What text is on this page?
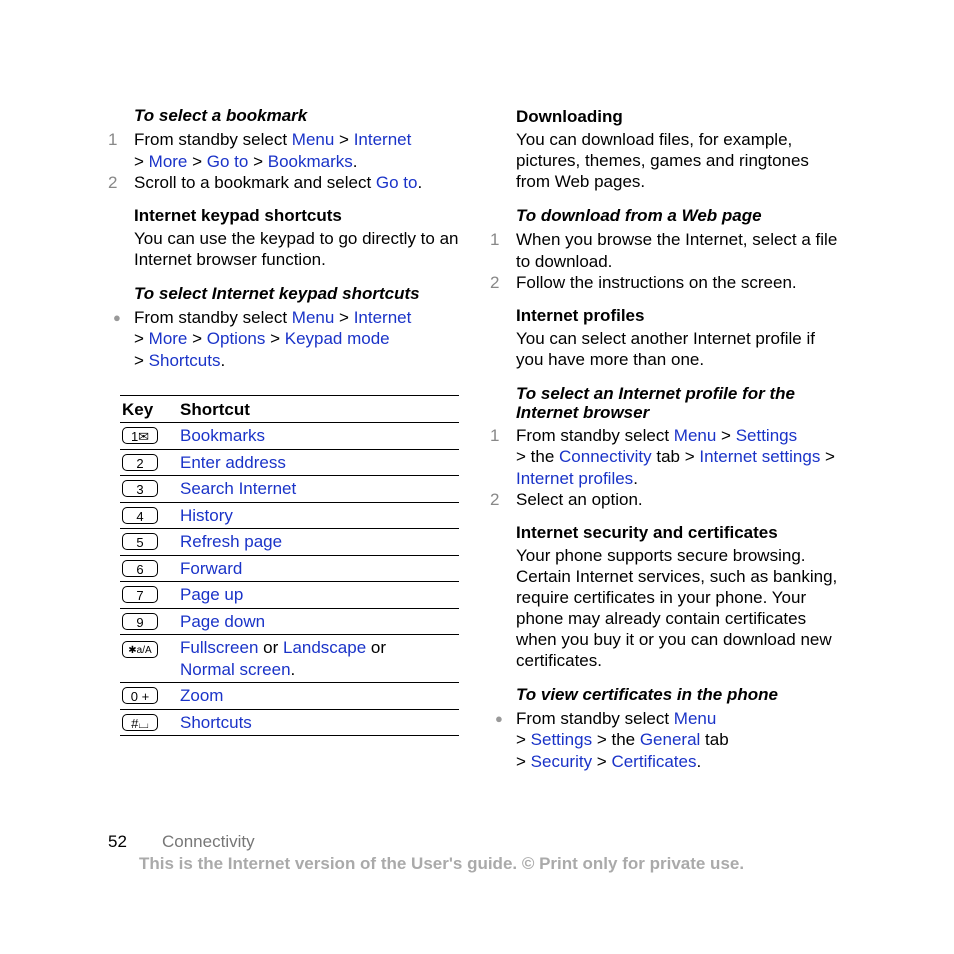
To select a bookmark

1 From standby select Menu > Internet
> More > Go to > Bookmarks.
2 Scroll to a bookmark and select Go to.

Internet keypad shortcuts

You can use the keypad to go directly to an Internet browser function.

To select Internet keypad shortcuts

● From standby select Menu > Internet
> More > Options > Keypad mode
> Shortcuts.
Key	Shortcut
1✉	Bookmarks
2	Enter address
3	Search Internet
4	History
5	Refresh page
6	Forward
7	Page up
9	Page down
✱a/A	Fullscreen or Landscape or
Normal screen.
0 +	Zoom
#⌴	Shortcuts

Downloading

You can download files, for example, pictures, themes, games and ringtones from Web pages.

To download from a Web page

1 When you browse the Internet, select a file to download.
2 Follow the instructions on the screen.

Internet profiles

You can select another Internet profile if you have more than one.

To select an Internet profile for the Internet browser

1 From standby select Menu > Settings
> the Connectivity tab > Internet settings > Internet profiles.
2 Select an option.

Internet security and certificates

Your phone supports secure browsing. Certain Internet services, such as banking, require certificates in your phone. Your phone may already contain certificates when you buy it or you can download new certificates.

To view certificates in the phone

● From standby select Menu
> Settings > the General tab
> Security > Certificates.
52 Connectivity
This is the Internet version of the User's guide. © Print only for private use.
